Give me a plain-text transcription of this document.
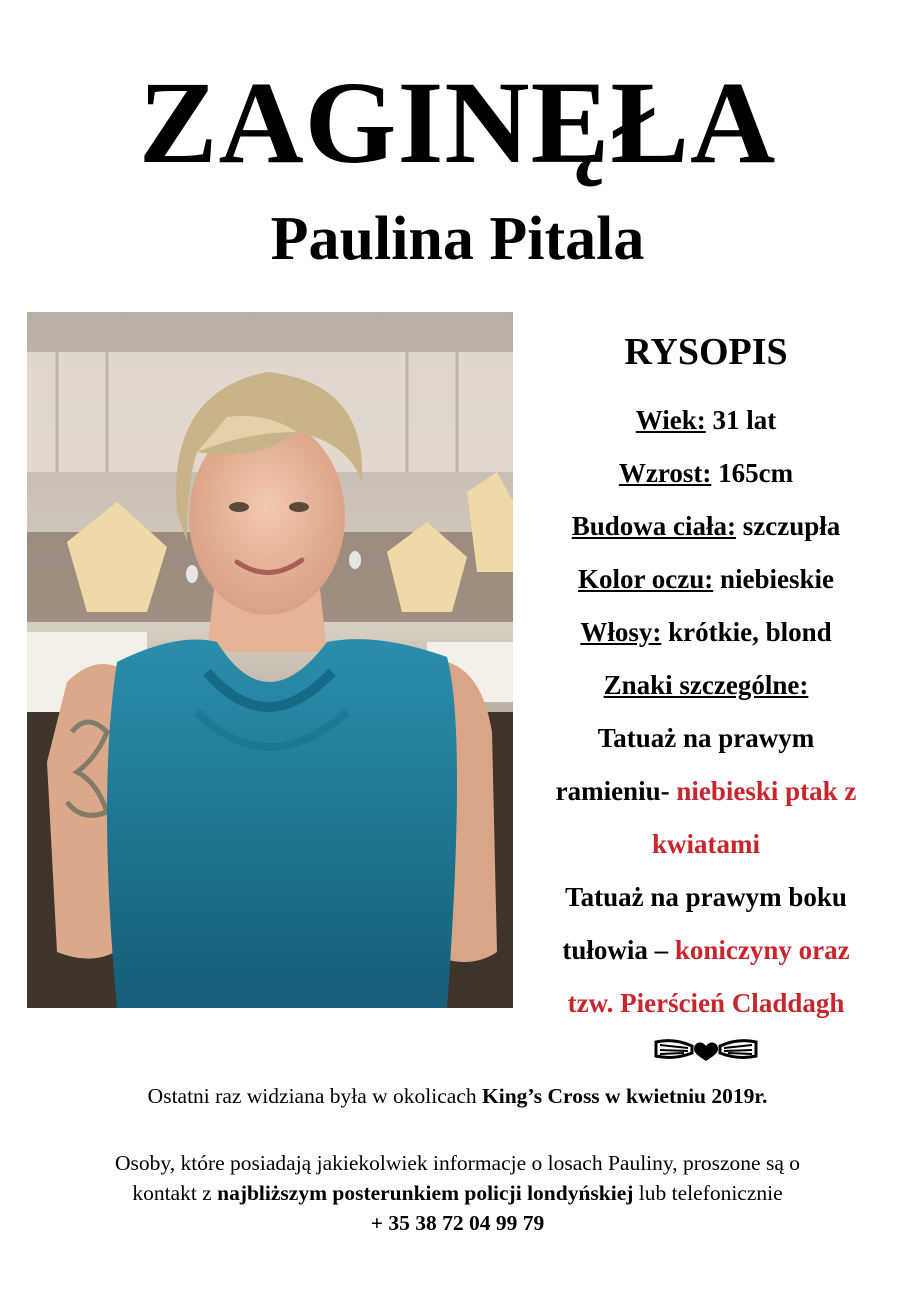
ZAGINĘŁA
Paulina Pitala
RYSOPIS
Wiek: 31 lat
Wzrost: 165cm
Budowa ciała: szczupła
Kolor oczu: niebieskie
Włosy: krótkie, blond
Znaki szczególne:
Tatuaż na prawym
ramieniu- niebieski ptak z
kwiatami
Tatuaż na prawym boku
tułowia – koniczyny oraz
tzw. Pierścień Claddagh
Ostatni raz widziana była w okolicach King’s Cross w kwietniu 2019r.
Osoby, które posiadają jakiekolwiek informacje o losach Pauliny, proszone są o
kontakt z najbliższym posterunkiem policji londyńskiej lub telefonicznie
+ 35 38 72 04 99 79
